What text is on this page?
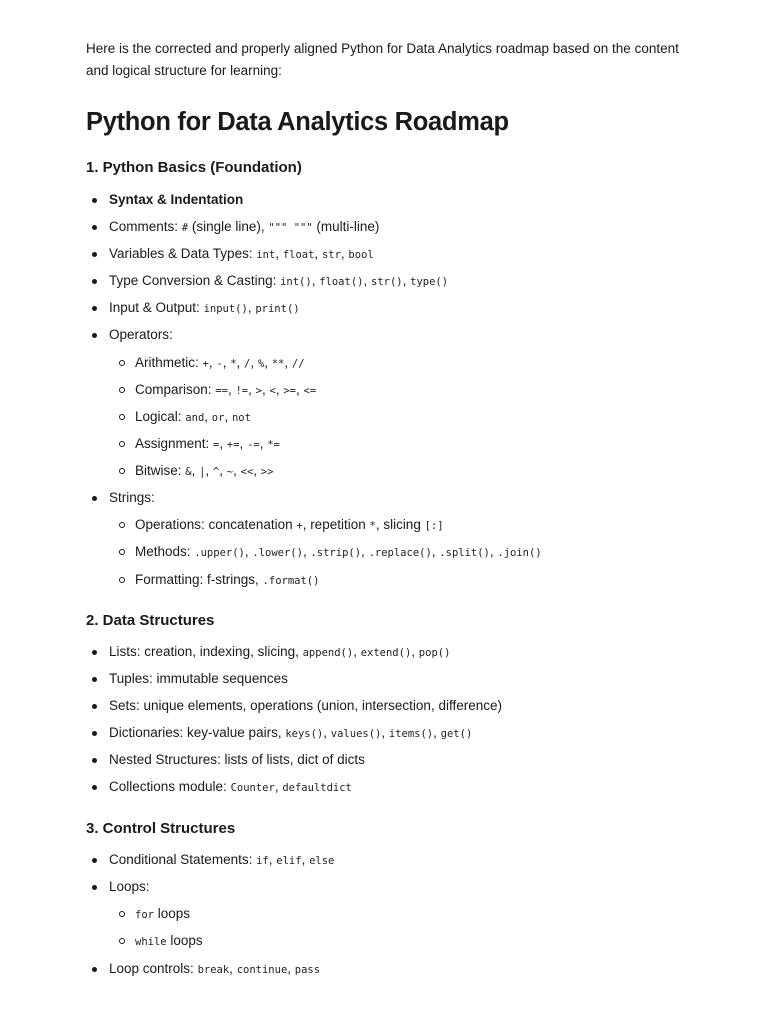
Here is the corrected and properly aligned Python for Data Analytics roadmap based on the content and logical structure for learning:
Python for Data Analytics Roadmap
1. Python Basics (Foundation)
Syntax & Indentation
Comments: # (single line), """ """ (multi-line)
Variables & Data Types: int, float, str, bool
Type Conversion & Casting: int(), float(), str(), type()
Input & Output: input(), print()
Operators:
Arithmetic: +, -, *, /, %, **, //
Comparison: ==, !=, >, <, >=, <=
Logical: and, or, not
Assignment: =, +=, -=, *=
Bitwise: &, |, ^, ~, <<, >>
Strings:
Operations: concatenation +, repetition *, slicing [:]
Methods: .upper(), .lower(), .strip(), .replace(), .split(), .join()
Formatting: f-strings, .format()
2. Data Structures
Lists: creation, indexing, slicing, append(), extend(), pop()
Tuples: immutable sequences
Sets: unique elements, operations (union, intersection, difference)
Dictionaries: key-value pairs, keys(), values(), items(), get()
Nested Structures: lists of lists, dict of dicts
Collections module: Counter, defaultdict
3. Control Structures
Conditional Statements: if, elif, else
Loops:
for loops
while loops
Loop controls: break, continue, pass
